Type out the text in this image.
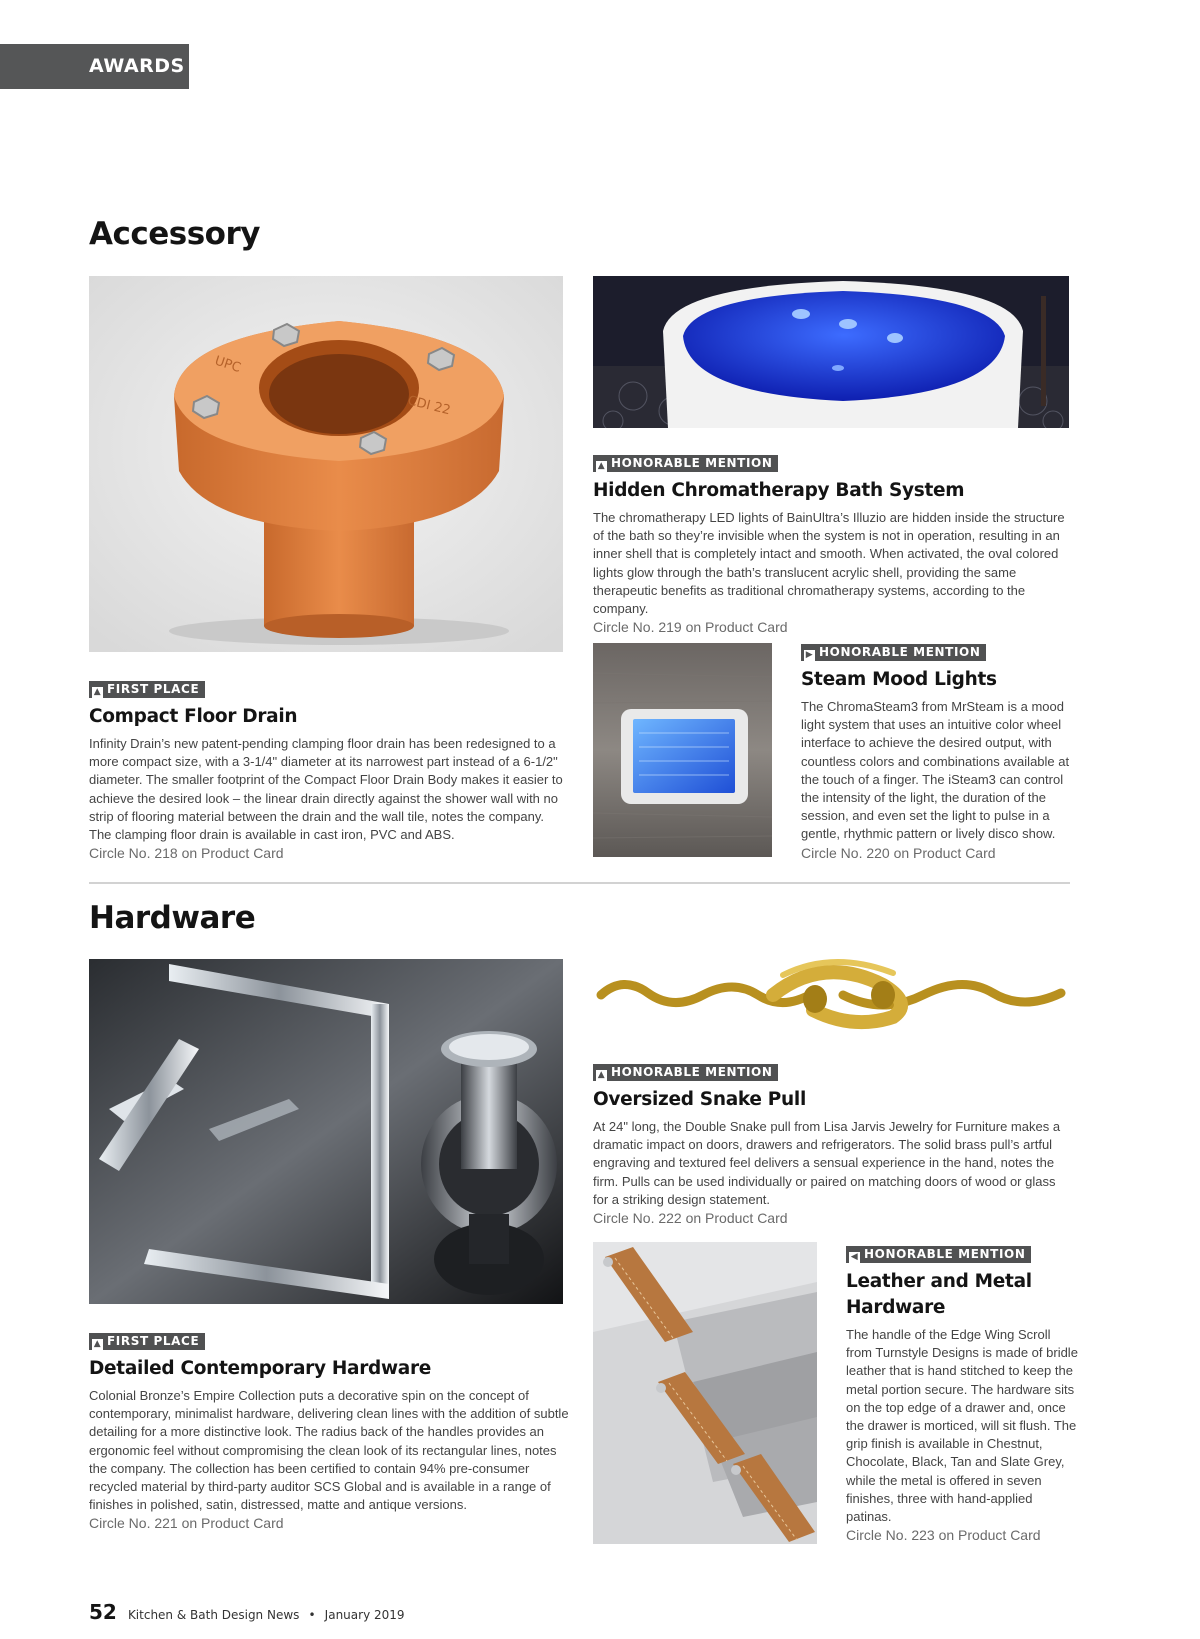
AWARDS
Accessory
UPC
CDI 22
▲ HONORABLE MENTION
Hidden Chromatherapy Bath System
The chromatherapy LED lights of BainUltra’s Illuzio are hidden inside the structure of the bath so they’re invisible when the system is not in operation, resulting in an inner shell that is completely intact and smooth. When activated, the oval colored lights glow through the bath’s translucent acrylic shell, providing the same therapeutic benefits as traditional chromatherapy systems, according to the company.
Circle No. 219 on Product Card
▶ HONORABLE MENTION
Steam Mood Lights
The ChromaSteam3 from MrSteam is a mood light system that uses an intuitive color wheel interface to achieve the desired output, with countless colors and combinations available at the touch of a finger. The iSteam3 can control the intensity of the light, the duration of the session, and even set the light to pulse in a gentle, rhythmic pattern or lively disco show.
Circle No. 220 on Product Card
▲ FIRST PLACE
Compact Floor Drain
Infinity Drain’s new patent-pending clamping floor drain has been redesigned to a more compact size, with a 3-1/4" diameter at its narrowest part instead of a 6-1/2" diameter. The smaller footprint of the Compact Floor Drain Body makes it easier to achieve the desired look – the linear drain directly against the shower wall with no strip of flooring material between the drain and the wall tile, notes the company. The clamping floor drain is available in cast iron, PVC and ABS.
Circle No. 218 on Product Card
Hardware
▲ HONORABLE MENTION
Oversized Snake Pull
At 24" long, the Double Snake pull from Lisa Jarvis Jewelry for Furniture makes a dramatic impact on doors, drawers and refrigerators. The solid brass pull’s artful engraving and textured feel delivers a sensual experience in the hand, notes the firm. Pulls can be used individually or paired on matching doors of wood or glass for a striking design statement.
Circle No. 222 on Product Card
◀ HONORABLE MENTION
Leather and Metal Hardware
The handle of the Edge Wing Scroll from Turnstyle Designs is made of bridle leather that is hand stitched to keep the metal portion secure. The hardware sits on the top edge of a drawer and, once the drawer is morticed, will sit flush. The grip finish is available in Chestnut, Chocolate, Black, Tan and Slate Grey, while the metal is offered in seven finishes, three with hand-applied patinas.
Circle No. 223 on Product Card
▲ FIRST PLACE
Detailed Contemporary Hardware
Colonial Bronze’s Empire Collection puts a decorative spin on the concept of contemporary, minimalist hardware, delivering clean lines with the addition of subtle detailing for a more distinctive look. The radius back of the handles provides an ergonomic feel without compromising the clean look of its rectangular lines, notes the company. The collection has been certified to contain 94% pre-consumer recycled material by third-party auditor SCS Global and is available in a range of finishes in polished, satin, distressed, matte and antique versions.
Circle No. 221 on Product Card
52 Kitchen & Bath Design News • January 2019
